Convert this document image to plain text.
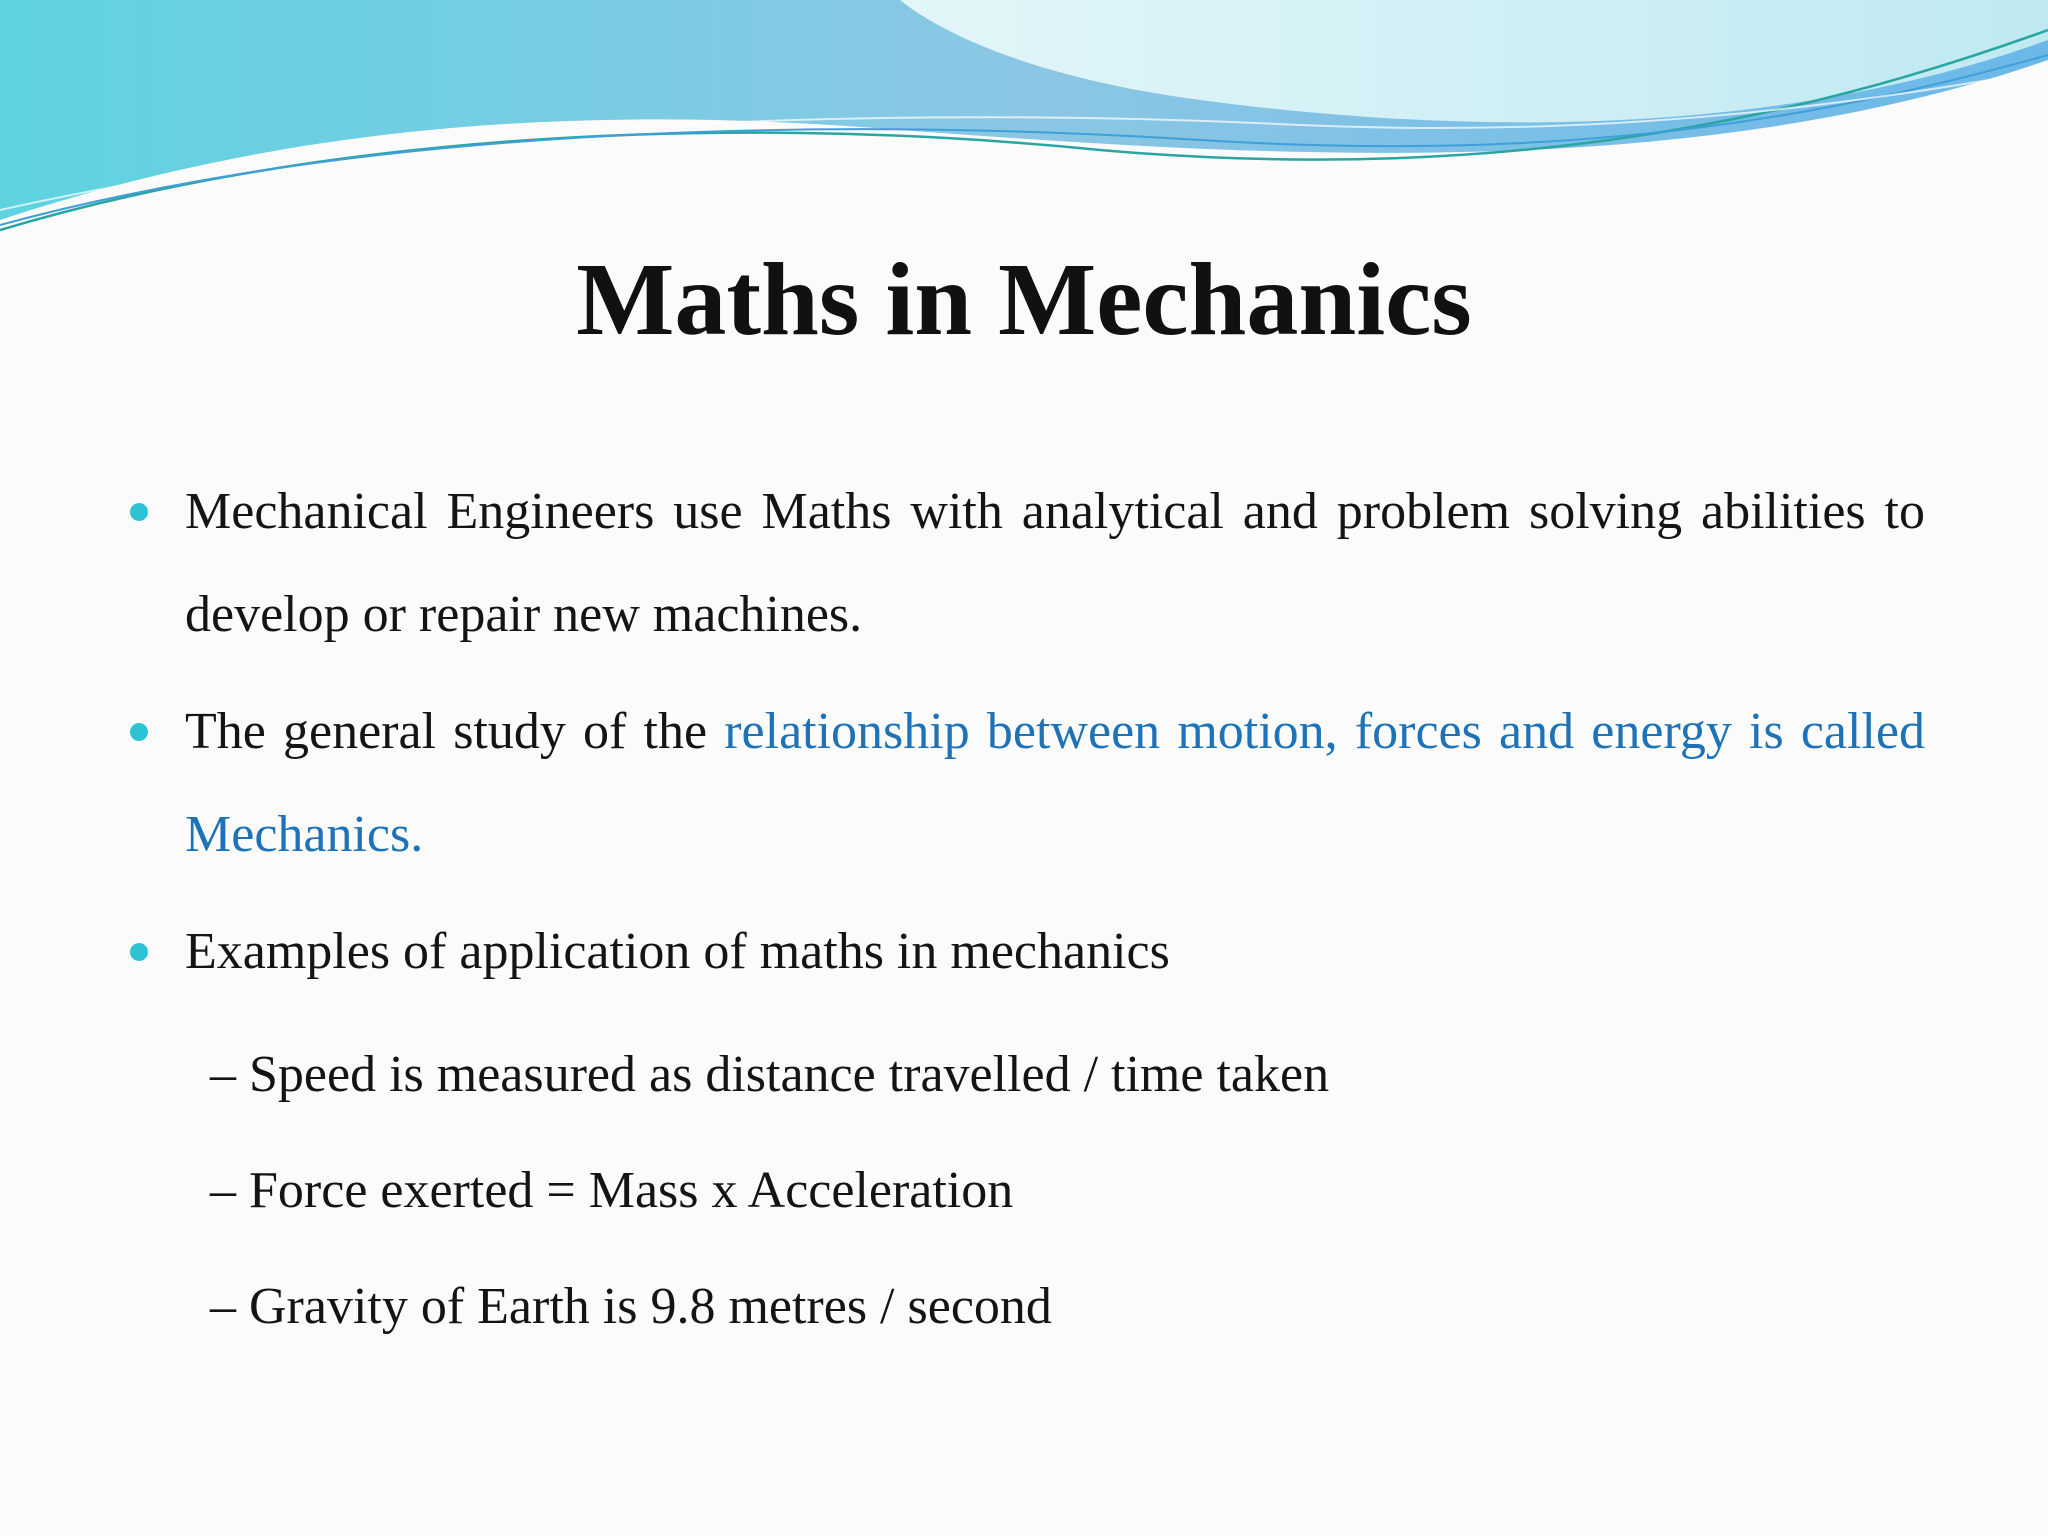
Maths in Mechanics

Mechanical Engineers use Maths with analytical and problem solving abilities to develop or repair new machines.

The general study of the relationship between motion, forces and energy is called Mechanics.

Examples of application of maths in mechanics

– Speed is measured as distance travelled / time taken

– Force exerted = Mass x Acceleration

– Gravity of Earth is 9.8 metres / second
